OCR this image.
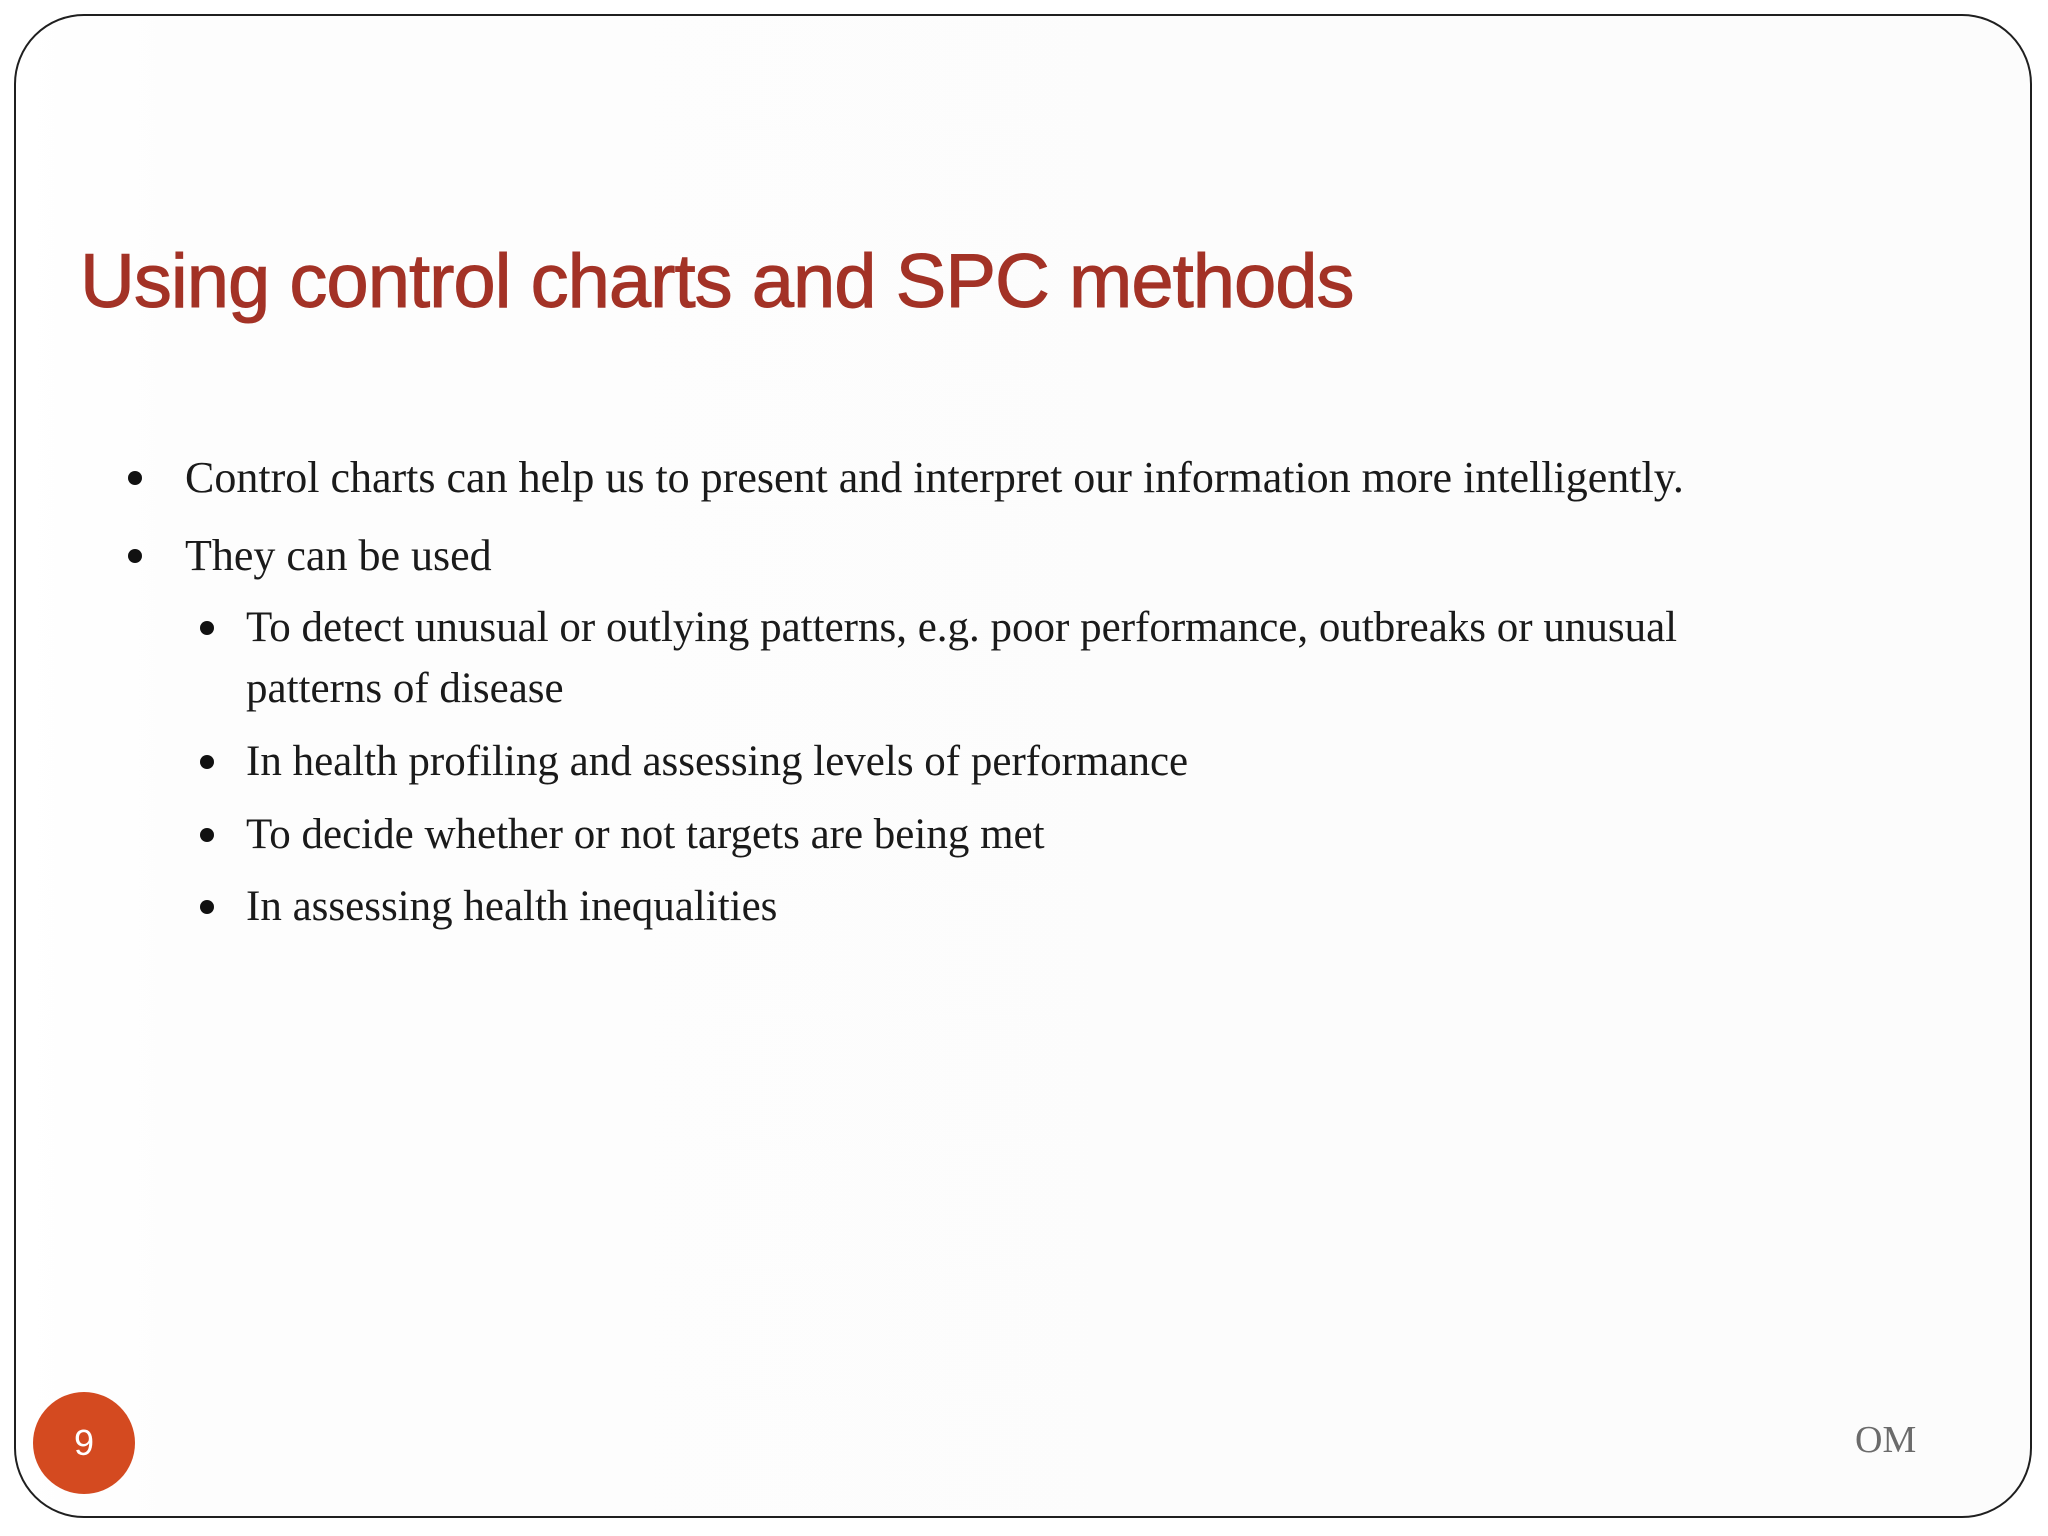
Using control charts and SPC methods
Control charts can help us to present and interpret our information more intelligently.
They can be used
To detect unusual or outlying patterns, e.g. poor performance, outbreaks or unusual
patterns of disease
In health profiling and assessing levels of performance
To decide whether or not targets are being met
In assessing health inequalities
9	OM
